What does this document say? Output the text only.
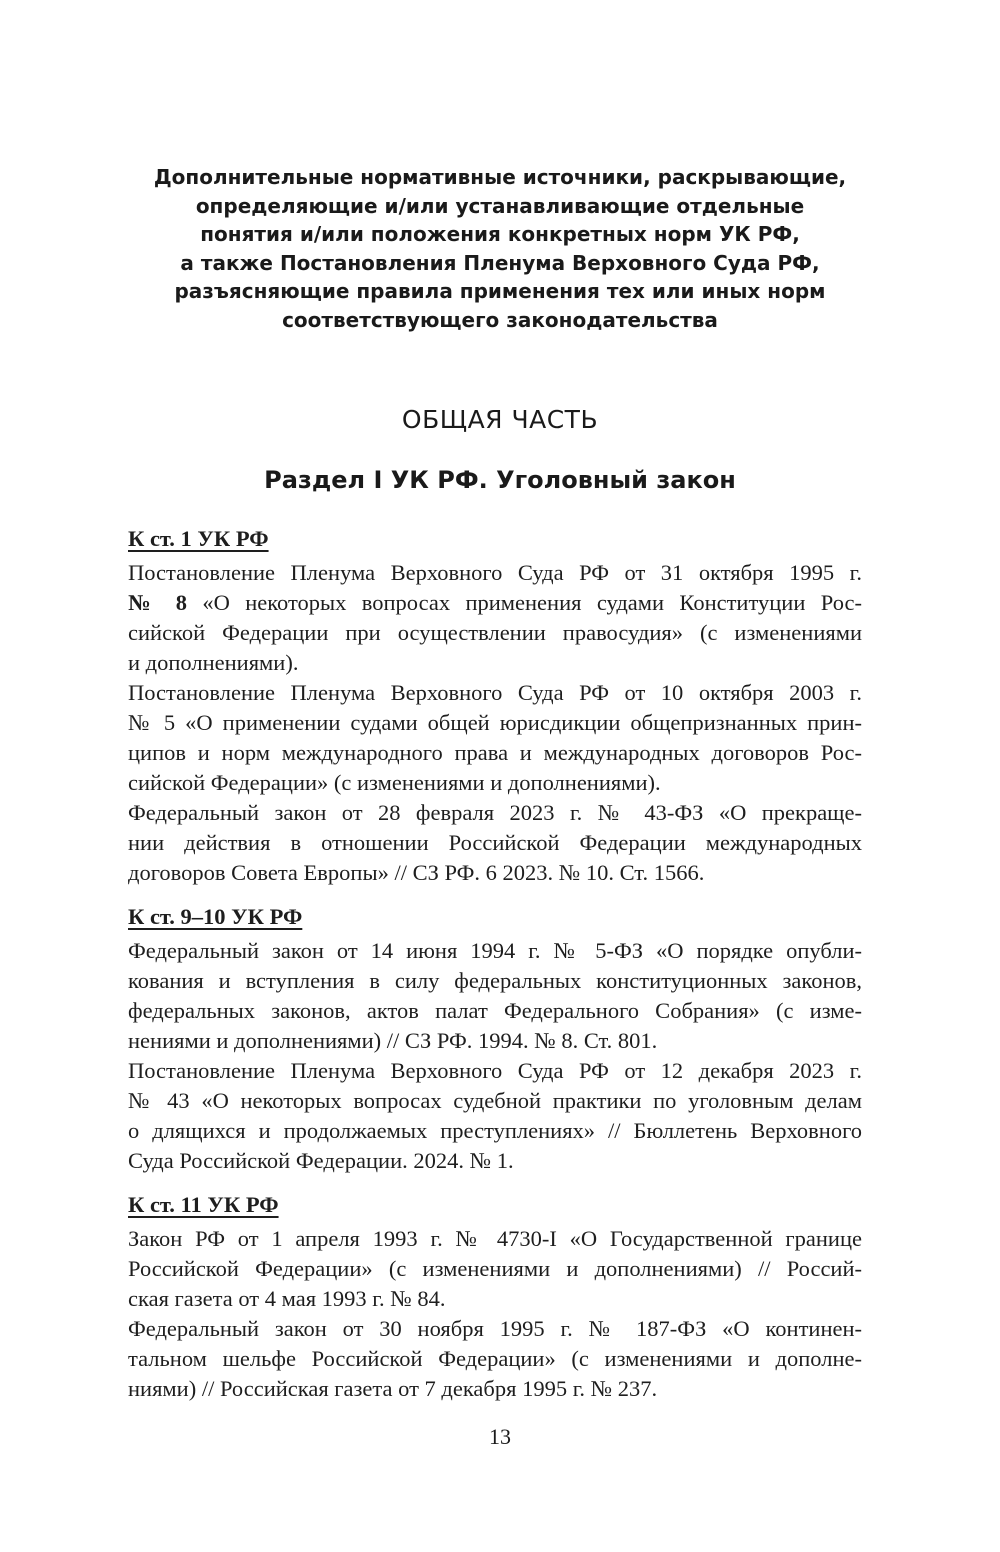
Дополнительные нормативные источники, раскрывающие,
определяющие и/или устанавливающие отдельные
понятия и/или положения конкретных норм УК РФ,
а также Постановления Пленума Верховного Суда РФ,
разъясняющие правила применения тех или иных норм
соответствующего законодательства
ОБЩАЯ ЧАСТЬ
Раздел I УК РФ. Уголовный закон
К ст. 1 УК РФ
Постановление Пленума Верховного Суда РФ от 31 октября 1995 г.
№ 8 «О некоторых вопросах применения судами Конституции Рос-
сийской Федерации при осуществлении правосудия» (с изменениями
и дополнениями).
Постановление Пленума Верховного Суда РФ от 10 октября 2003 г.
№ 5 «О применении судами общей юрисдикции общепризнанных прин-
ципов и норм международного права и международных договоров Рос-
сийской Федерации» (с изменениями и дополнениями).
Федеральный закон от 28 февраля 2023 г. № 43-ФЗ «О прекраще-
нии действия в отношении Российской Федерации международных
договоров Совета Европы» // СЗ РФ. 6 2023. № 10. Ст. 1566.
К ст. 9–10 УК РФ
Федеральный закон от 14 июня 1994 г. № 5-ФЗ «О порядке опубли-
кования и вступления в силу федеральных конституционных законов,
федеральных законов, актов палат Федерального Собрания» (с изме-
нениями и дополнениями) // СЗ РФ. 1994. № 8. Ст. 801.
Постановление Пленума Верховного Суда РФ от 12 декабря 2023 г.
№ 43 «О некоторых вопросах судебной практики по уголовным делам
о длящихся и продолжаемых преступлениях» // Бюллетень Верховного
Суда Российской Федерации. 2024. № 1.
К ст. 11 УК РФ
Закон РФ от 1 апреля 1993 г. № 4730-I «О Государственной границе
Российской Федерации» (с изменениями и дополнениями) // Россий-
ская газета от 4 мая 1993 г. № 84.
Федеральный закон от 30 ноября 1995 г. № 187-ФЗ «О континен-
тальном шельфе Российской Федерации» (с изменениями и дополне-
ниями) // Российская газета от 7 декабря 1995 г. № 237.
13
